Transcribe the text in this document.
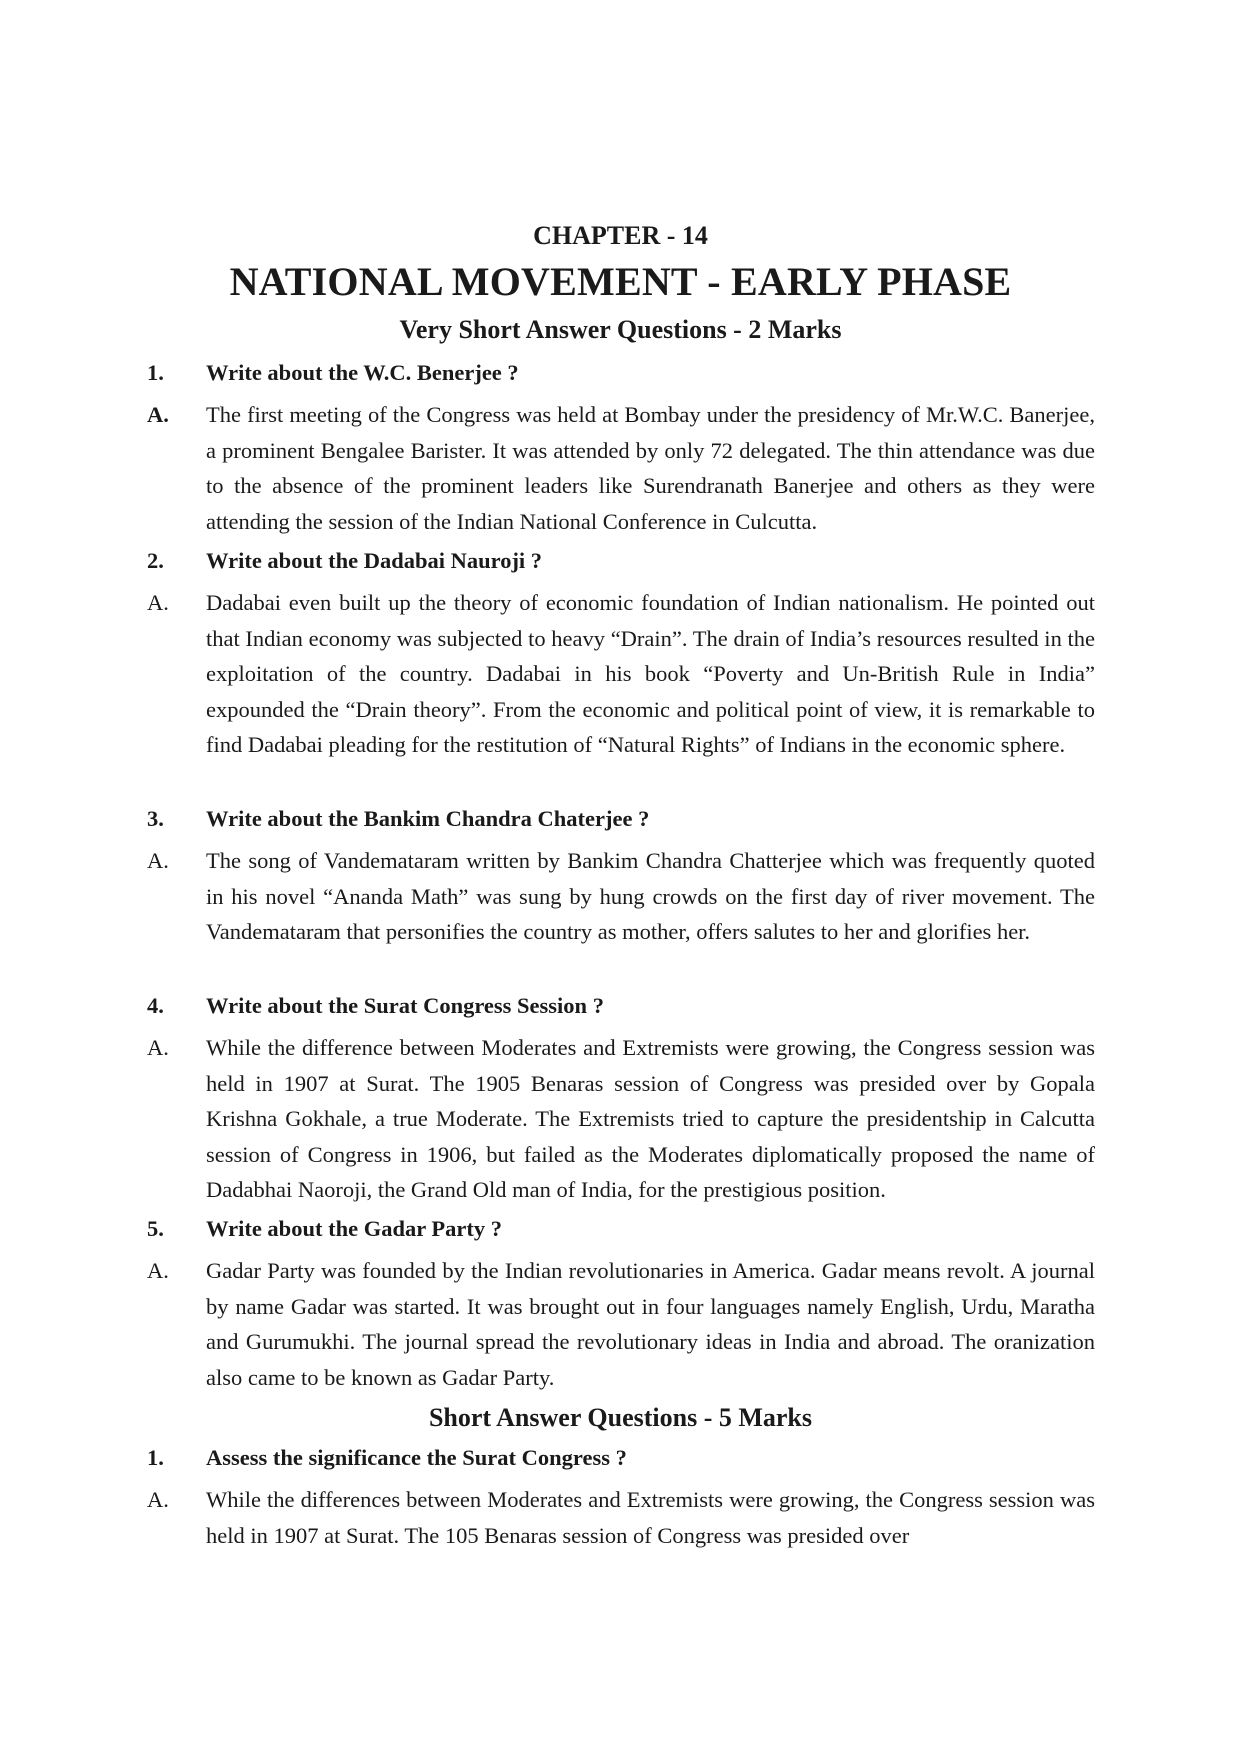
CHAPTER - 14
NATIONAL MOVEMENT - EARLY PHASE
Very Short Answer Questions - 2 Marks
1.	Write about the W.C. Benerjee ?
A.	The first meeting of the Congress was held at Bombay under the presidency of Mr.W.C. Banerjee, a prominent Bengalee Barister. It was attended by only 72 delegated. The thin attendance was due to the absence of the prominent leaders like Surendranath Banerjee and others as they were attending the session of the Indian National Conference in Culcutta.
2.	Write about the Dadabai Nauroji ?
A.	Dadabai even built up the theory of economic foundation of Indian nationalism. He pointed out that Indian economy was subjected to heavy “Drain”. The drain of India’s resources resulted in the exploitation of the country. Dadabai in his book “Poverty and Un-British Rule in India” expounded the “Drain theory”. From the economic and political point of view, it is remarkable to find Dadabai pleading for the restitution of “Natural Rights” of Indians in the economic sphere.
3.	Write about the Bankim Chandra Chaterjee ?
A.	The song of Vandemataram written by Bankim Chandra Chatterjee which was frequently quoted in his novel “Ananda Math” was sung by hung crowds on the first day of river movement. The Vandemataram that personifies the country as mother, offers salutes to her and glorifies her.
4.	Write about the Surat Congress Session ?
A.	While the difference between Moderates and Extremists were growing, the Congress session was held in 1907 at Surat. The 1905 Benaras session of Congress was presided over by Gopala Krishna Gokhale, a true Moderate. The Extremists tried to capture the presidentship in Calcutta session of Congress in 1906, but failed as the Moderates diplomatically proposed the name of Dadabhai Naoroji, the Grand Old man of India, for the prestigious position.
5.	Write about the Gadar Party ?
A.	Gadar Party was founded by the Indian revolutionaries in America. Gadar means revolt. A journal by name Gadar was started. It was brought out in four languages namely English, Urdu, Maratha and Gurumukhi. The journal spread the revolutionary ideas in India and abroad. The oranization also came to be known as Gadar Party.
Short Answer Questions - 5 Marks
1.	Assess the significance the Surat Congress ?
A.	While the differences between Moderates and Extremists were growing, the Congress session was held in 1907 at Surat. The 105 Benaras session of Congress was presided over
